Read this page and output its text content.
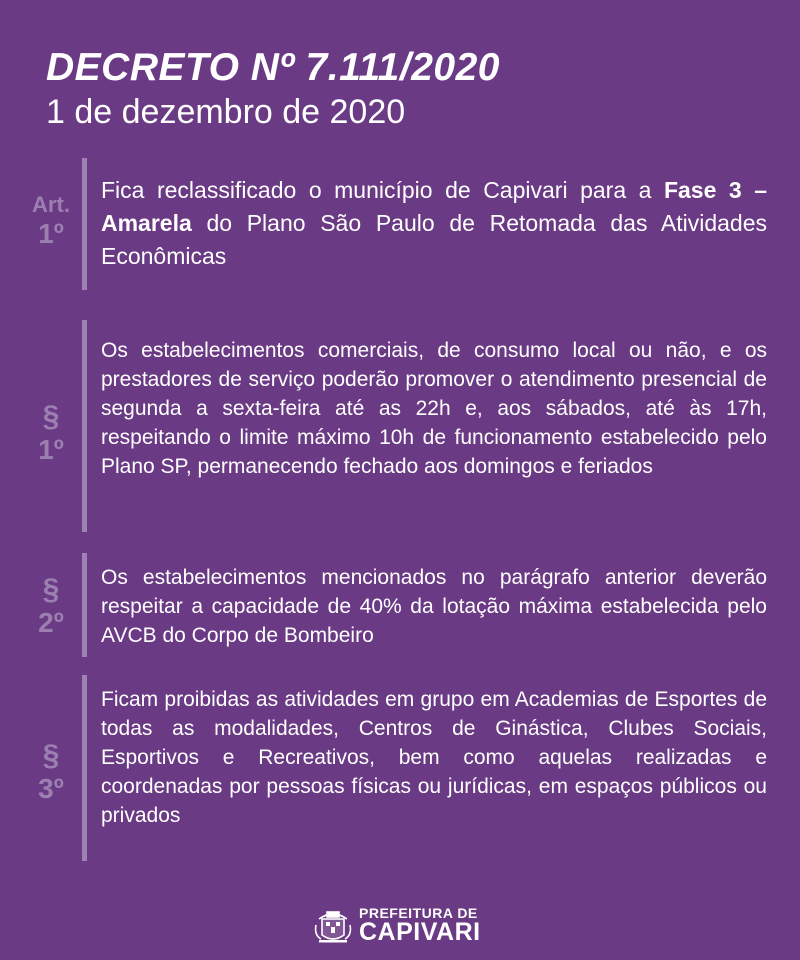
DECRETO Nº 7.111/2020
1 de dezembro de 2020
Art.
1º
Fica reclassificado o município de Capivari para a Fase 3 – Amarela do Plano São Paulo de Retomada das Atividades Econômicas
§
1º
Os estabelecimentos comerciais, de consumo local ou não, e os prestadores de serviço poderão promover o atendimento presencial de segunda a sexta-feira até as 22h e, aos sábados, até às 17h, respeitando o limite máximo 10h de funcionamento estabelecido pelo Plano SP, permanecendo fechado aos domingos e feriados
§
2º
Os estabelecimentos mencionados no parágrafo anterior deverão respeitar a capacidade de 40% da lotação máxima estabelecida pelo AVCB do Corpo de Bombeiro
§
3º
Ficam proibidas as atividades em grupo em Academias de Esportes de todas as modalidades, Centros de Ginástica, Clubes Sociais, Esportivos e Recreativos, bem como aquelas realizadas e coordenadas por pessoas físicas ou jurídicas, em espaços públicos ou privados
PREFEITURA DE
CAPIVARI
